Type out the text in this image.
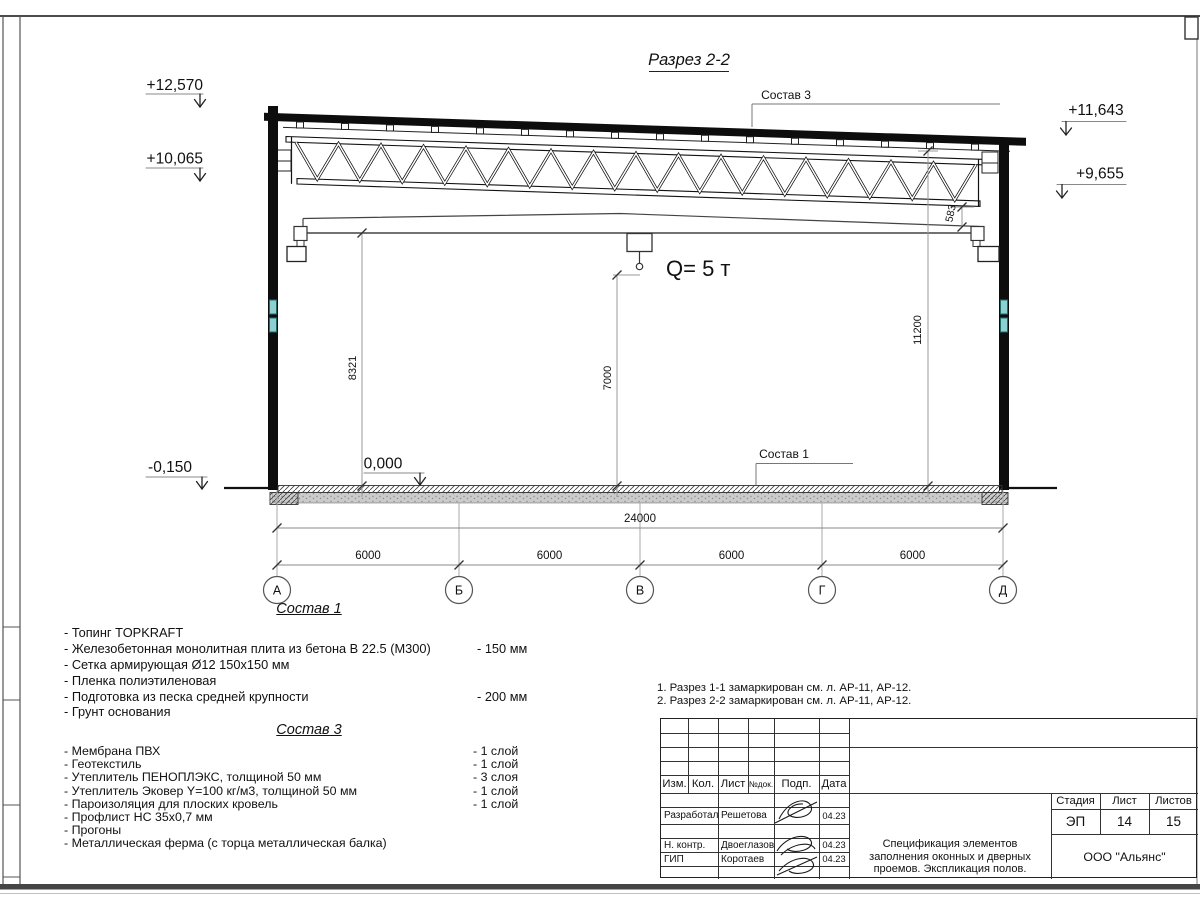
Разрез 2-2
Q= 5 т
8321	7000
11200
583
24000
6000	6000	6000	6000
А	Б	В	Г	Д
+12,570
+10,065
-0,150	0,000
+11,643
+9,655
Состав 3
Состав 1
Состав 1
- Топинг TOPKRAFT
- Железобетонная монолитная плита из бетона В 22.5 (М300)	- 150 мм
- Сетка армирующая Ø12 150х150 мм
- Пленка полиэтиленовая
- Подготовка из песка средней крупности	- 200 мм
- Грунт основания
Состав 3
- Мембрана ПВХ	- 1 слой
- Геотекстиль	- 1 слой
- Утеплитель ПЕНОПЛЭКС, толщиной 50 мм	- 3 слоя
- Утеплитель Эковер Y=100 кг/м3, толщиной 50 мм	- 1 слой
- Пароизоляция для плоских кровель	- 1 слой
- Профлист НС 35х0,7 мм
- Прогоны
- Металлическая ферма (с торца металлическая балка)
1. Разрез 1-1 замаркирован см. л. АР-11, АР-12.
2. Разрез 2-2 замаркирован см. л. АР-11, АР-12.
Изм. Кол. Лист №док. Подп. Дата
Разработал Решетова	04.23
Н. контр.	Двоеглазов	04.23
ГИП	Коротаев	04.23
Стадия	Лист	Листов
ЭП	14	15
Спецификация элементов заполнения оконных и дверных проемов. Экспликация полов.
ООО "Альянс"
